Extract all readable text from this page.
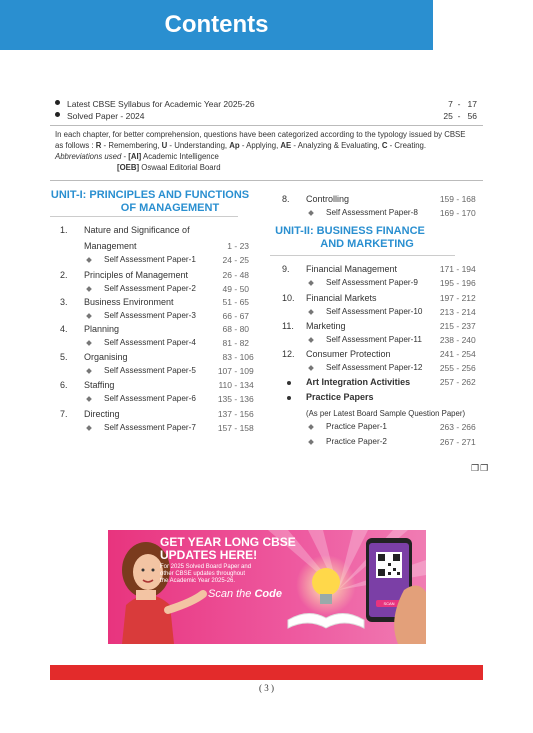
Contents
Latest CBSE Syllabus for Academic Year 2025-26	7  -   17
Solved Paper - 2024	25  -   56
In each chapter, for better comprehension, questions have been categorized according to the typology issued by CBSE
as follows : R - Remembering, U - Understanding, Ap - Applying, AE - Analyzing & Evaluating, C - Creating.
Abbreviations used - [AI] Academic Intelligence
[OEB] Oswaal Editorial Board
UNIT-I: PRINCIPLES AND FUNCTIONS
OF MANAGEMENT
1. Nature and Significance of
Management	1 - 23
Self Assessment Paper-1	24 - 25
2. Principles of Management	26 - 48
Self Assessment Paper-2	49 - 50
3. Business Environment	51 - 65
Self Assessment Paper-3	66 - 67
4. Planning	68 - 80
Self Assessment Paper-4	81 - 82
5. Organising	83 - 106
Self Assessment Paper-5	107 - 109
6. Staffing	110 - 134
Self Assessment Paper-6	135 - 136
7. Directing	137 - 156
Self Assessment Paper-7	157 - 158
8. Controlling	159 - 168
Self Assessment Paper-8	169 - 170
UNIT-II: BUSINESS FINANCE
AND MARKETING
9. Financial Management	171 - 194
Self Assessment Paper-9	195 - 196
10. Financial Markets	197 - 212
Self Assessment Paper-10	213 - 214
11. Marketing	215 - 237
Self Assessment Paper-11	238 - 240
12. Consumer Protection	241 - 254
Self Assessment Paper-12	255 - 256
Art Integration Activities	257 - 262
Practice Papers
(As per Latest Board Sample Question Paper)
Practice Paper-1	263 - 266
Practice Paper-2	267 - 271
❒❒
GET YEAR LONG CBSE
UPDATES HERE!
For 2025 Solved Board Paper and
other CBSE updates throughout
the Academic Year 2025-26.
Scan the Code
SCAN
( 3 )
